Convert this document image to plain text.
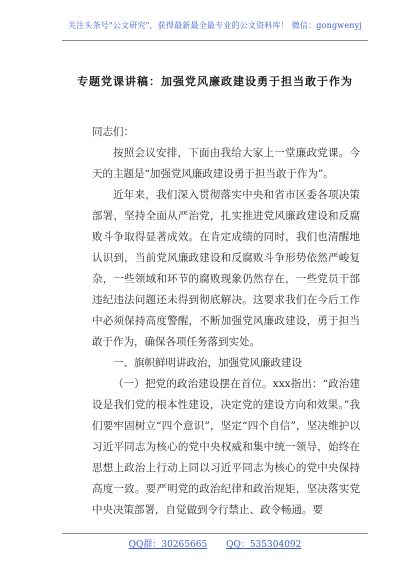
关注头条号"公文研究"，获得最新最全最专业的公文资料库！ 微信：gongwenyj
专题党课讲稿：加强党风廉政建设勇于担当敢于作为

同志们：

按照会议安排，下面由我给大家上一堂廉政党课。今天的主题是“加强党风廉政建设勇于担当敢于作为”。

近年来，我们深入贯彻落实中央和省市区委各项决策部署，坚持全面从严治党，扎实推进党风廉政建设和反腐败斗争取得显著成效。在肯定成绩的同时，我们也清醒地认识到，当前党风廉政建设和反腐败斗争形势依然严峻复杂，一些领域和环节的腐败现象仍然存在，一些党员干部违纪违法问题还未得到彻底解决。这要求我们在今后工作中必须保持高度警醒，不断加强党风廉政建设，勇于担当敢于作为，确保各项任务落到实处。

一、旗帜鲜明讲政治，加强党风廉政建设

（一）把党的政治建设摆在首位。xxx指出：“政治建设是我们党的根本性建设，决定党的建设方向和效果。”我们要牢固树立“四个意识”，坚定“四个自信”，坚决维护以习近平同志为核心的党中央权威和集中统一领导，始终在思想上政治上行动上同以习近平同志为核心的党中央保持高度一致。要严明党的政治纪律和政治规矩，坚决落实党中央决策部署，自觉做到令行禁止、政令畅通。要

QQ群：30265665 QQ：535304092
